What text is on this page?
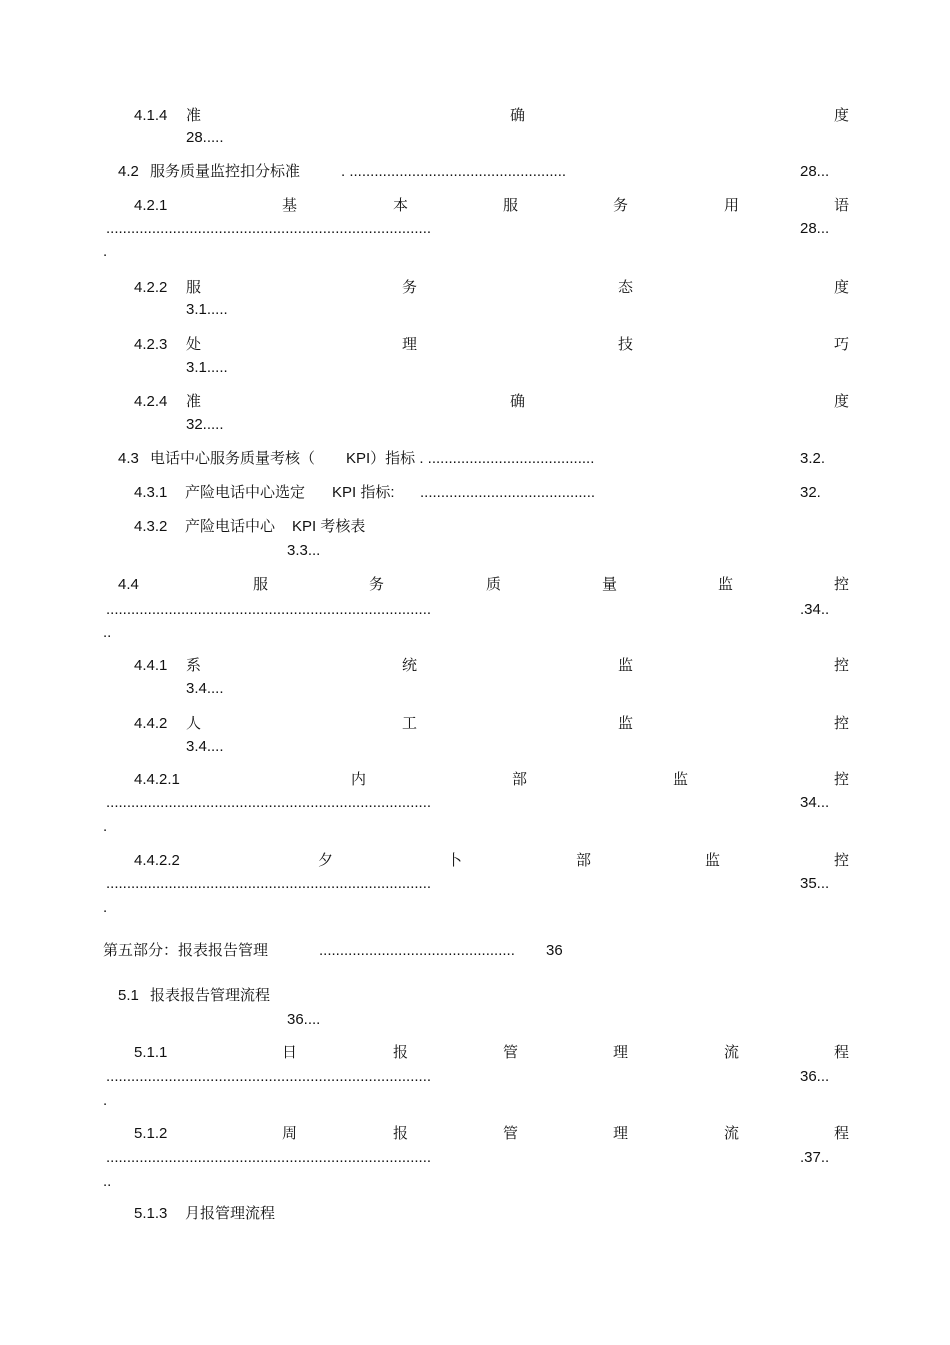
4.1.4 准	确	度
28.....
4.2 服务质量监控扣分标准	. ....................................................	28...
4.2.1	基	本	服	务	用	语
..............................................................................	28...
.
4.2.2 服	务	态	度
3.1.....
4.2.3 处	理	技	巧
3.1.....
4.2.4 准	确	度
32.....
4.3 电话中心服务质量考核（ KPI）指标 . ........................................	3.2.
4.3.1 产险电话中心选定 KPI 指标: ..........................................	32.
4.3.2 产险电话中心 KPI 考核表
3.3...
4.4	服	务	质	量	监	控
..............................................................................	.34..
..
4.4.1 系	统	监	控
3.4....
4.4.2 人	工	监	控
3.4....
4.4.2.1	内	部	监	控
..............................................................................	34...
.
4.4.2.2	夕	卜	部	监	控
..............................................................................	35...
.
第五部分：报表报告管理	............................................... 36
5.1 报表报告管理流程
36....
5.1.1	日	报	管	理	流	程
..............................................................................	36...
.
5.1.2	周	报	管	理	流	程
..............................................................................	.37..
..
5.1.3 月报管理流程
